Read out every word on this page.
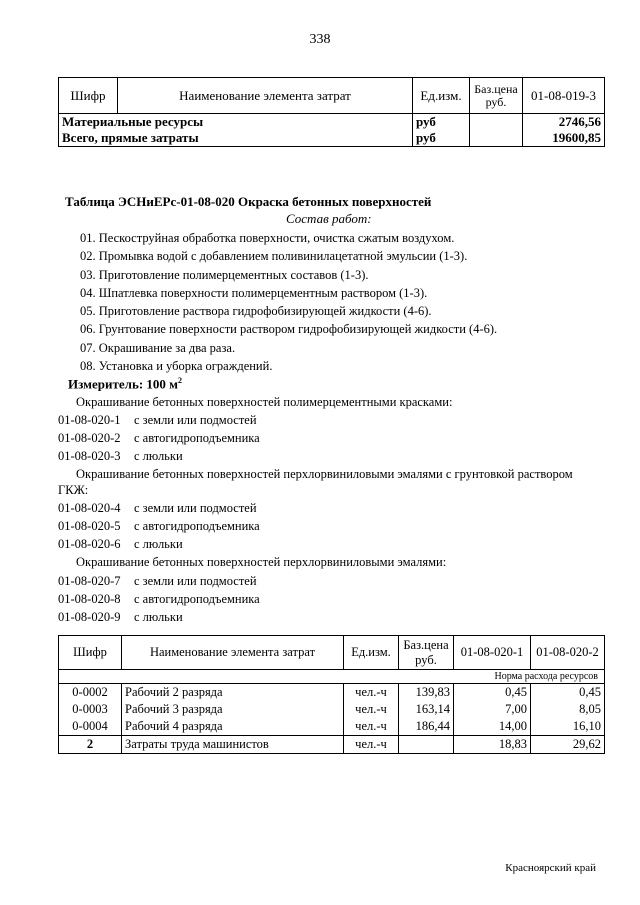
338
Шифр	Наименование элемента затрат	Ед.изм.	Баз.цена руб.	01-08-019-3
Материальные ресурсы		руб		2746,56
Всего, прямые затраты		руб		19600,85
Таблица ЭСНиЕРс-01-08-020 Окраска бетонных поверхностей
Состав работ:
01. Пескоструйная обработка поверхности, очистка сжатым воздухом.
02. Промывка водой с добавлением поливинилацетатной эмульсии (1-3).
03. Приготовление полимерцементных составов (1-3).
04. Шпатлевка поверхности полимерцементным раствором (1-3).
05. Приготовление раствора гидрофобизирующей жидкости (4-6).
06. Грунтование поверхности раствором гидрофобизирующей жидкости (4-6).
07. Окрашивание за два раза.
08. Установка и уборка ограждений.
Измеритель: 100 $м^2$
Окрашивание бетонных поверхностей полимерцементными красками:
01-08-020-1 с земли или подмостей
01-08-020-2 с автогидроподъемника
01-08-020-3 с люльки
Окрашивание бетонных поверхностей перхлорвиниловыми эмалями с грунтовкой раствором
ГКЖ:
01-08-020-4 с земли или подмостей
01-08-020-5 с автогидроподъемника
01-08-020-6 с люльки
Окрашивание бетонных поверхностей перхлорвиниловыми эмалями:
01-08-020-7 с земли или подмостей
01-08-020-8 с автогидроподъемника
01-08-020-9 с люльки
Шифр	Наименование элемента затрат	Ед.изм.	Баз.цена руб.	01-08-020-1	01-08-020-2
Норма расхода ресурсов					
0-0002	Рабочий 2 разряда	чел.-ч	139,83	0,45	0,45
0-0003	Рабочий 3 разряда	чел.-ч	163,14	7,00	8,05
0-0004	Рабочий 4 разряда	чел.-ч	186,44	14,00	16,10
2	Затраты труда машинистов	чел.-ч		18,83	29,62
Красноярский край
